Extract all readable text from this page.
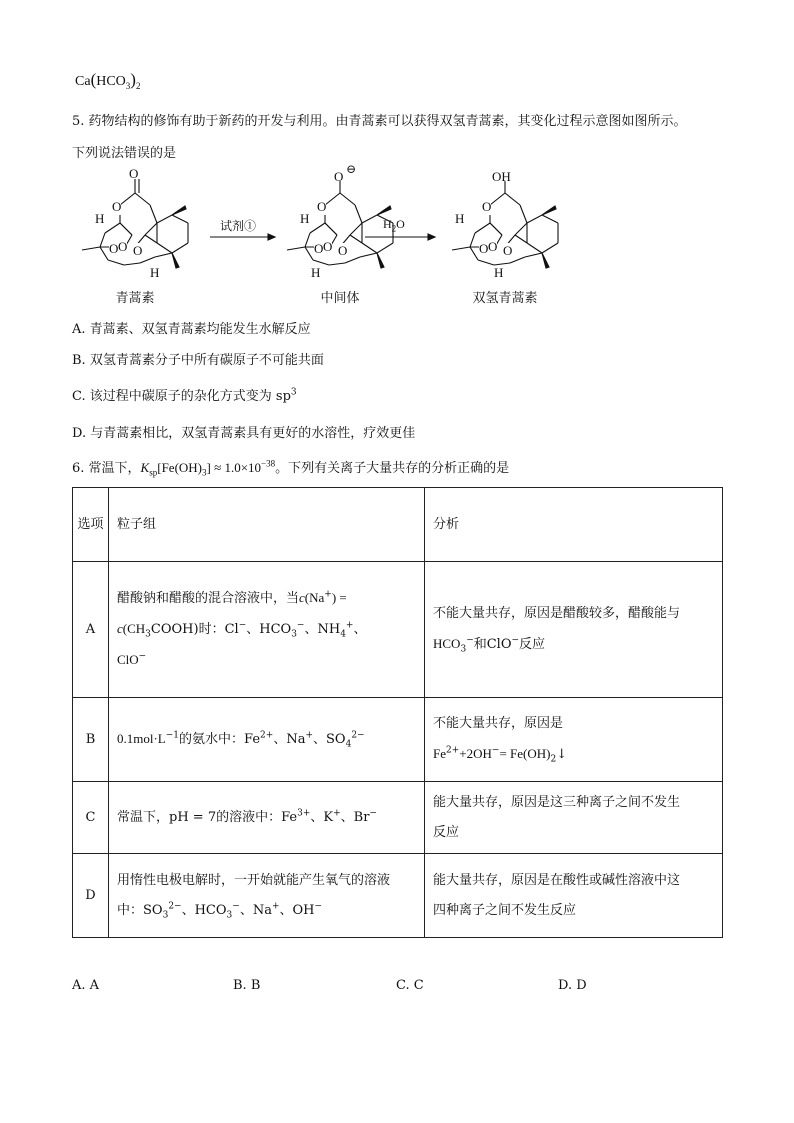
$Ca(HCO_3)_2$
5. 药物结构的修饰有助于新药的开发与利用。由青蒿素可以获得双氢青蒿素，其变化过程示意图如图所示。
下列说法错误的是
O
O
H
O O
O
H
O ⊖
O
H
O O
O
H
OH
O
H
O O
O
H
试剂①	$H_2O$
青蒿素	中间体	双氢青蒿素
A. 青蒿素、双氢青蒿素均能发生水解反应
B. 双氢青蒿素分子中所有碳原子不可能共面
C. 该过程中碳原子的杂化方式变为 $sp^3$
D. 与青蒿素相比，双氢青蒿素具有更好的水溶性，疗效更佳
6. 常温下，$K_{sp}[Fe(OH)_3] \approx 1.0\times 10^{-38}$。下列有关离子大量共存的分析正确的是
选项	粒子组	分析
A	醋酸钠和醋酸的混合溶液中，当c(Na+) =
$c(CH_3COOH)$时：Cl−、$HCO_3^-$、$NH_4^+$、
ClO−	不能大量共存，原因是醋酸较多，醋酸能与
$HCO_3^-$和ClO−反应
B	$0.1mol\cdot L^{-1}$的氨水中：$Fe^{2+}$、Na+、$SO_4^{2-}$	不能大量共存，原因是
$Fe^{2+}+2OH^-=$ $Fe(OH)_2↓$
C	常温下，pH = 7的溶液中：$Fe^{3+}$、K+、Br−	能大量共存，原因是这三种离子之间不发生
反应
D	用惰性电极电解时，一开始就能产生氧气的溶液
中：$SO_3^{2-}$、$HCO_3^-$、Na+、OH−	能大量共存，原因是在酸性或碱性溶液中这
四种离子之间不发生反应
A. A	B. B	C. C	D. D
